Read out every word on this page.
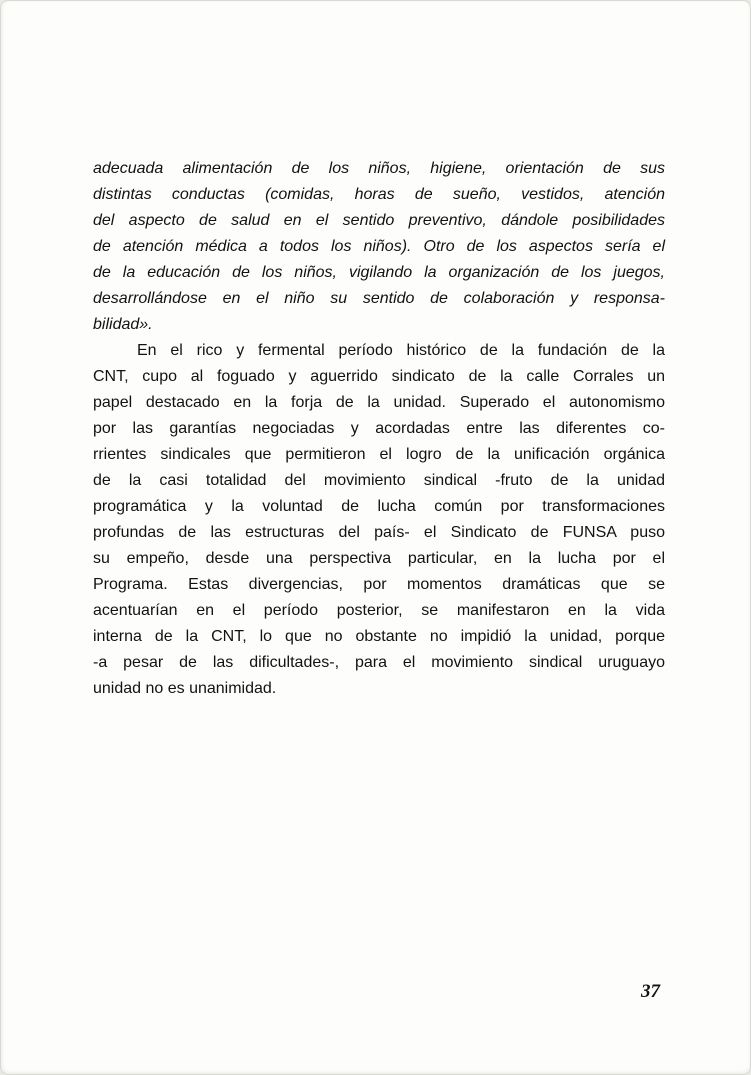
adecuada alimentación de los niños, higiene, orientación de sus
distintas conductas (comidas, horas de sueño, vestidos, atención
del aspecto de salud en el sentido preventivo, dándole posibilidades
de atención médica a todos los niños). Otro de los aspectos sería el
de la educación de los niños, vigilando la organización de los juegos,
desarrollándose en el niño su sentido de colaboración y responsa-
bilidad».
En el rico y fermental período histórico de la fundación de la
CNT, cupo al foguado y aguerrido sindicato de la calle Corrales un
papel destacado en la forja de la unidad. Superado el autonomismo
por las garantías negociadas y acordadas entre las diferentes co-
rrientes sindicales que permitieron el logro de la unificación orgánica
de la casi totalidad del movimiento sindical -fruto de la unidad
programática y la voluntad de lucha común por transformaciones
profundas de las estructuras del país- el Sindicato de FUNSA puso
su empeño, desde una perspectiva particular, en la lucha por el
Programa. Estas divergencias, por momentos dramáticas que se
acentuarían en el período posterior, se manifestaron en la vida
interna de la CNT, lo que no obstante no impidió la unidad, porque
-a pesar de las dificultades-, para el movimiento sindical uruguayo
unidad no es unanimidad.
37
